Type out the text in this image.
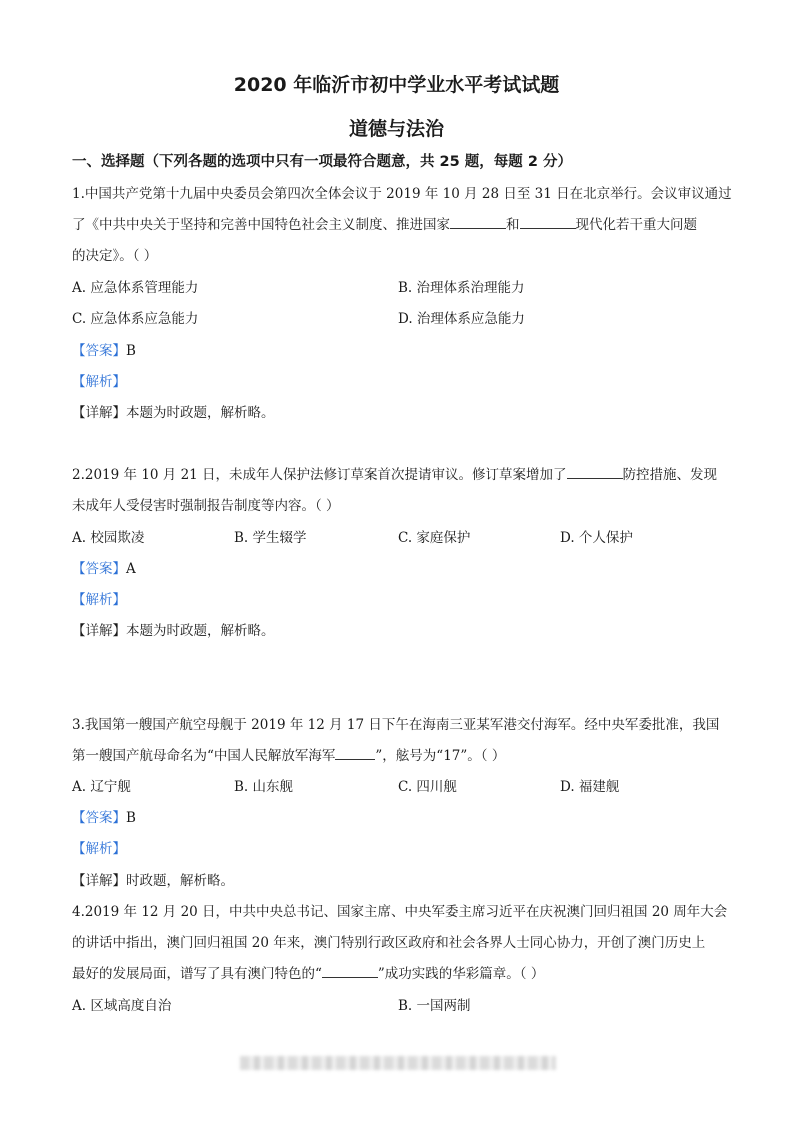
2020 年临沂市初中学业水平考试试题
道德与法治
一、选择题（下列各题的选项中只有一项最符合题意，共 25 题，每题 2 分）
1.中国共产党第十九届中央委员会第四次全体会议于 2019 年 10 月 28 日至 31 日在北京举行。会议审议通过
了《中共中央关于坚持和完善中国特色社会主义制度、推进国家	和	现代化若干重大问题
的决定》。（ ）
A. 应急体系管理能力	B. 治理体系治理能力
C. 应急体系应急能力	D. 治理体系应急能力
【答案】B
【解析】
【详解】本题为时政题，解析略。
2.2019 年 10 月 21 日，未成年人保护法修订草案首次提请审议。修订草案增加了	防控措施、发现
未成年人受侵害时强制报告制度等内容。（ ）
A. 校园欺凌	B. 学生辍学	C. 家庭保护	D. 个人保护
【答案】A
【解析】
【详解】本题为时政题，解析略。
3.我国第一艘国产航空母舰于 2019 年 12 月 17 日下午在海南三亚某军港交付海军。经中央军委批准，我国
第一艘国产航母命名为“中国人民解放军海军	”，舷号为“17”。（ ）
A. 辽宁舰	B. 山东舰	C. 四川舰	D. 福建舰
【答案】B
【解析】
【详解】时政题，解析略。
4.2019 年 12 月 20 日，中共中央总书记、国家主席、中央军委主席习近平在庆祝澳门回归祖国 20 周年大会
的讲话中指出，澳门回归祖国 20 年来，澳门特别行政区政府和社会各界人士同心协力，开创了澳门历史上
最好的发展局面，谱写了具有澳门特色的“	”成功实践的华彩篇章。（ ）
A. 区域高度自治	B. 一国两制
